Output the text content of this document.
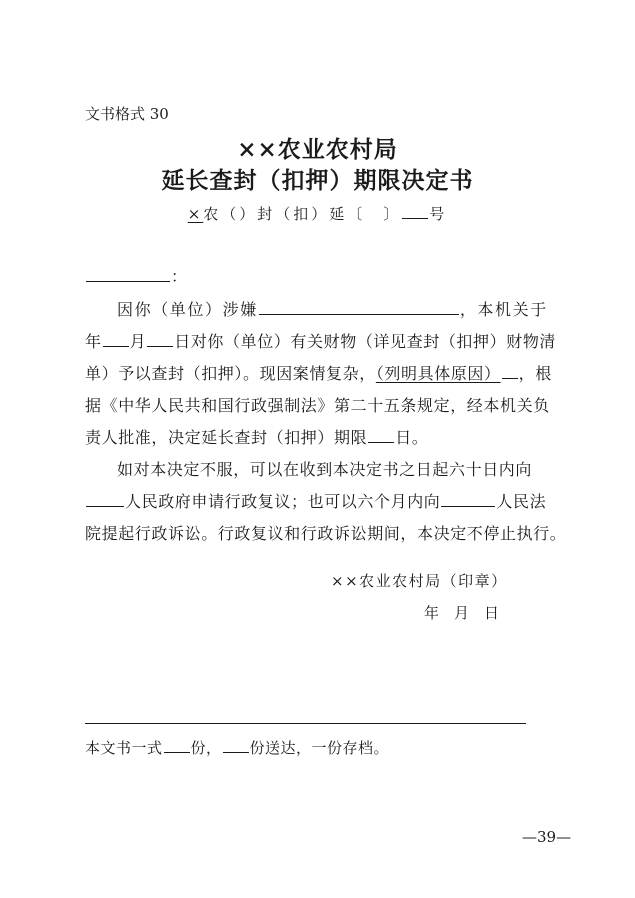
文书格式 30
××农业农村局
延长查封（扣押）期限决定书
×农（）封（扣）延〔　〕 号
：
因你（单位）涉嫌	，本机关于
年 月 日对你（单位）有关财物（详见查封（扣押）财物清
单）予以查封（扣押）。现因案情复杂，（列明具体原因） ，根
据《中华人民共和国行政强制法》第二十五条规定，经本机关负
责人批准，决定延长查封（扣押）期限 日。
如对本决定不服，可以在收到本决定书之日起六十日内向
人民政府申请行政复议；也可以六个月内向	人民法
院提起行政诉讼。行政复议和行政诉讼期间，本决定不停止执行。
××农业农村局（印章）
年 月 日
本文书一式 份， 份送达，一份存档。
—39—
